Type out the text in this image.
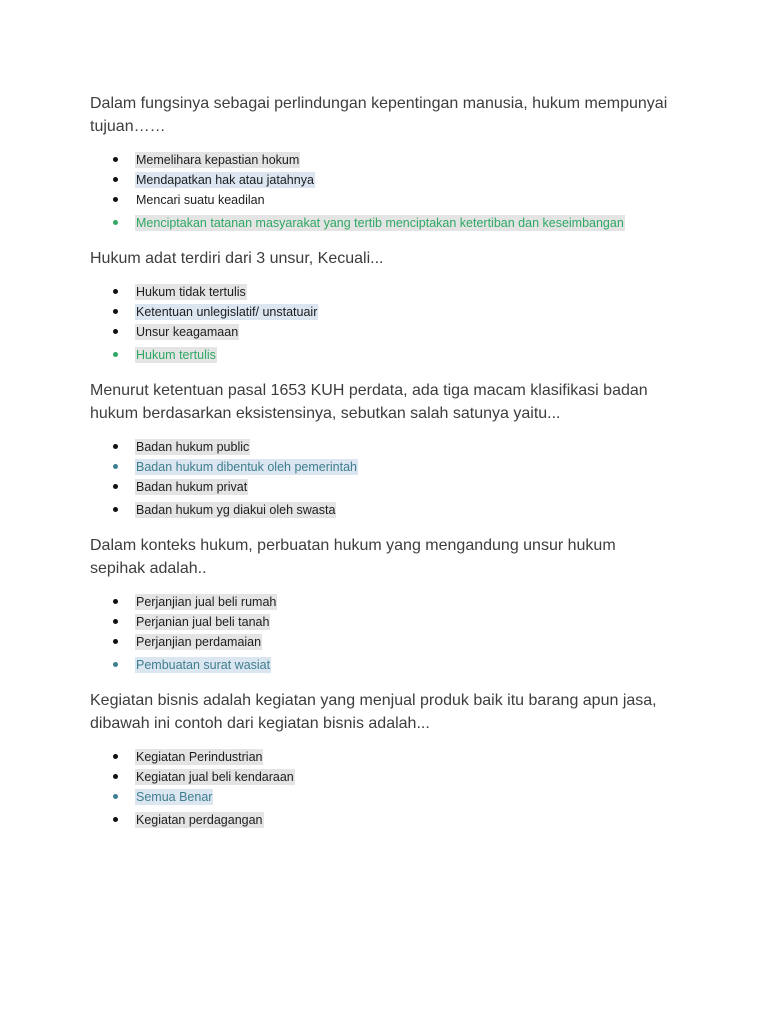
Dalam fungsinya sebagai perlindungan kepentingan manusia, hukum mempunyai tujuan……

Memelihara kepastian hokum
Mendapatkan hak atau jatahnya
Mencari suatu keadilan
Menciptakan tatanan masyarakat yang tertib menciptakan ketertiban dan keseimbangan

Hukum adat terdiri dari 3 unsur, Kecuali...

Hukum tidak tertulis
Ketentuan unlegislatif/ unstatuair
Unsur keagamaan
Hukum tertulis

Menurut ketentuan pasal 1653 KUH perdata, ada tiga macam klasifikasi badan hukum berdasarkan eksistensinya, sebutkan salah satunya yaitu...

Badan hukum public
Badan hukum dibentuk oleh pemerintah
Badan hukum privat
Badan hukum yg diakui oleh swasta

Dalam konteks hukum, perbuatan hukum yang mengandung unsur hukum sepihak adalah..

Perjanjian jual beli rumah
Perjanian jual beli tanah
Perjanjian perdamaian
Pembuatan surat wasiat

Kegiatan bisnis adalah kegiatan yang menjual produk baik itu barang apun jasa, dibawah ini contoh dari kegiatan bisnis adalah...

Kegiatan Perindustrian
Kegiatan jual beli kendaraan
Semua Benar
Kegiatan perdagangan
